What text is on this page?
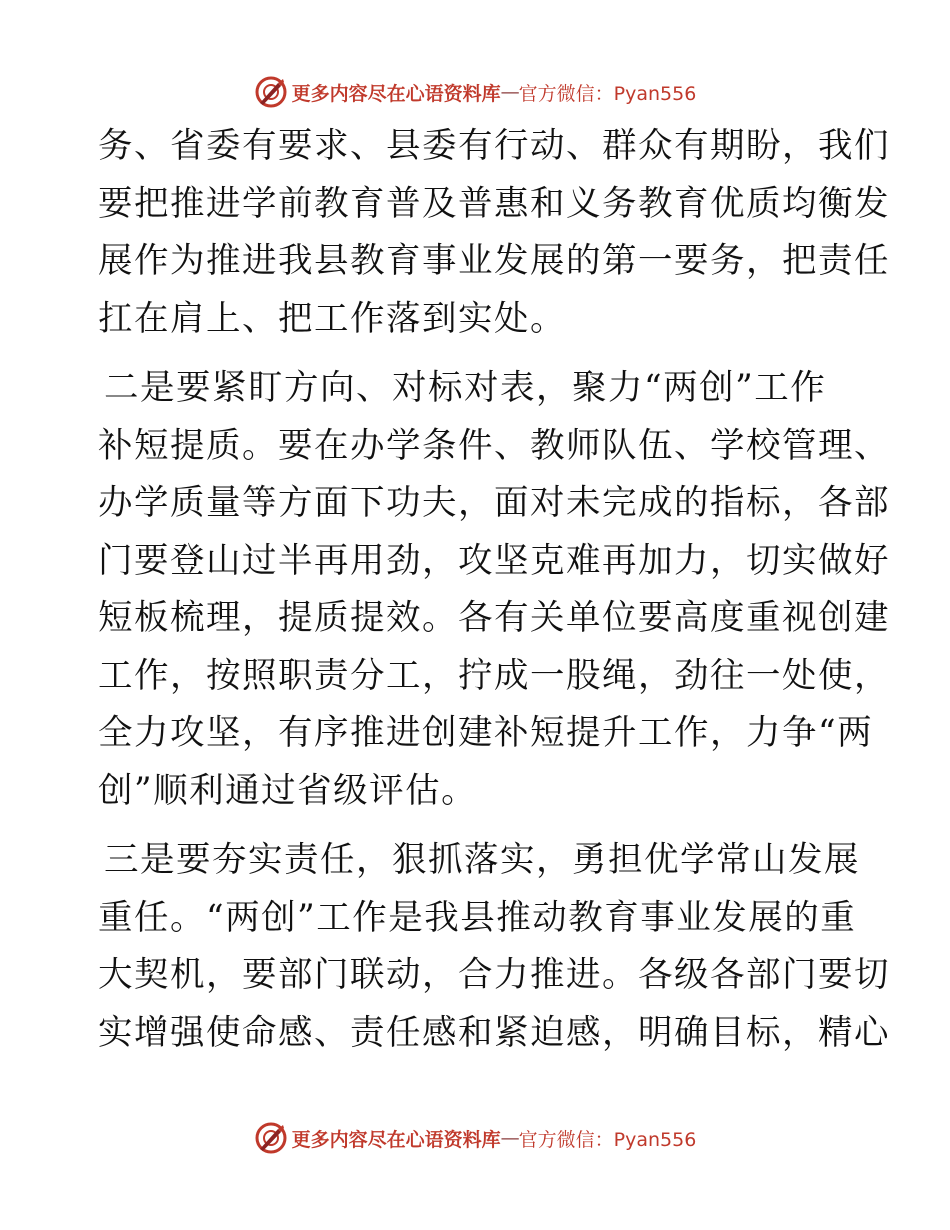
更多内容尽在心语资料库 — 官方微信：Pyan556
务、省委有要求、县委有行动、群众有期盼，我们
要把推进学前教育普及普惠和义务教育优质均衡发
展作为推进我县教育事业发展的第一要务，把责任
扛在肩上、把工作落到实处。
二是要紧盯方向、对标对表，聚力“两创”工作
补短提质。要在办学条件、教师队伍、学校管理、
办学质量等方面下功夫，面对未完成的指标，各部
门要登山过半再用劲，攻坚克难再加力，切实做好
短板梳理，提质提效。各有关单位要高度重视创建
工作，按照职责分工，拧成一股绳，劲往一处使，
全力攻坚，有序推进创建补短提升工作，力争“两
创”顺利通过省级评估。
三是要夯实责任，狠抓落实，勇担优学常山发展
重任。“两创”工作是我县推动教育事业发展的重
大契机，要部门联动，合力推进。各级各部门要切
实增强使命感、责任感和紧迫感，明确目标，精心
更多内容尽在心语资料库 — 官方微信：Pyan556
